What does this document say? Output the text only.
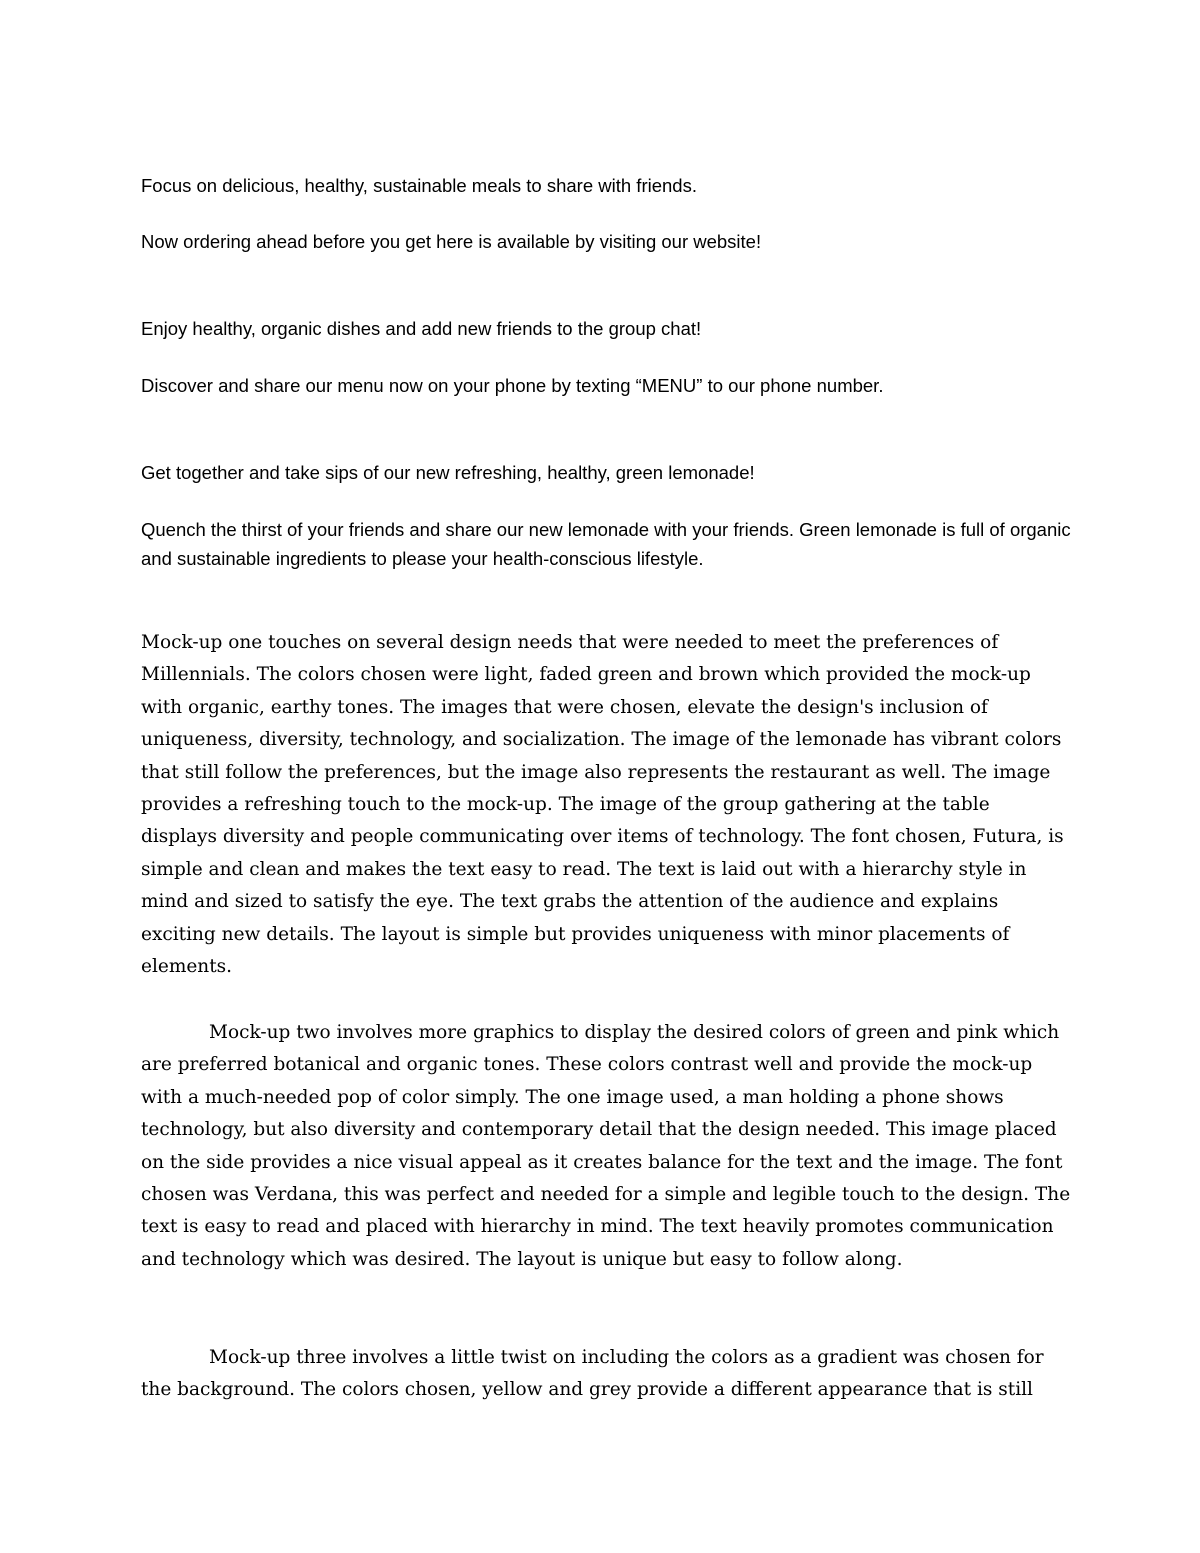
Focus on delicious, healthy, sustainable meals to share with friends.

Now ordering ahead before you get here is available by visiting our website!

Enjoy healthy, organic dishes and add new friends to the group chat!

Discover and share our menu now on your phone by texting “MENU” to our phone number.

Get together and take sips of our new refreshing, healthy, green lemonade!

Quench the thirst of your friends and share our new lemonade with your friends. Green lemonade is full of organic and sustainable ingredients to please your health-conscious lifestyle.

Mock-up one touches on several design needs that were needed to meet the preferences of Millennials. The colors chosen were light, faded green and brown which provided the mock-up with organic, earthy tones. The images that were chosen, elevate the design's inclusion of uniqueness, diversity, technology, and socialization. The image of the lemonade has vibrant colors that still follow the preferences, but the image also represents the restaurant as well. The image provides a refreshing touch to the mock-up. The image of the group gathering at the table displays diversity and people communicating over items of technology. The font chosen, Futura, is simple and clean and makes the text easy to read. The text is laid out with a hierarchy style in mind and sized to satisfy the eye. The text grabs the attention of the audience and explains exciting new details. The layout is simple but provides uniqueness with minor placements of elements.

Mock-up two involves more graphics to display the desired colors of green and pink which are preferred botanical and organic tones. These colors contrast well and provide the mock-up with a much-needed pop of color simply. The one image used, a man holding a phone shows technology, but also diversity and contemporary detail that the design needed. This image placed on the side provides a nice visual appeal as it creates balance for the text and the image. The font chosen was Verdana, this was perfect and needed for a simple and legible touch to the design. The text is easy to read and placed with hierarchy in mind. The text heavily promotes communication and technology which was desired. The layout is unique but easy to follow along.

Mock-up three involves a little twist on including the colors as a gradient was chosen for the background. The colors chosen, yellow and grey provide a different appearance that is still
